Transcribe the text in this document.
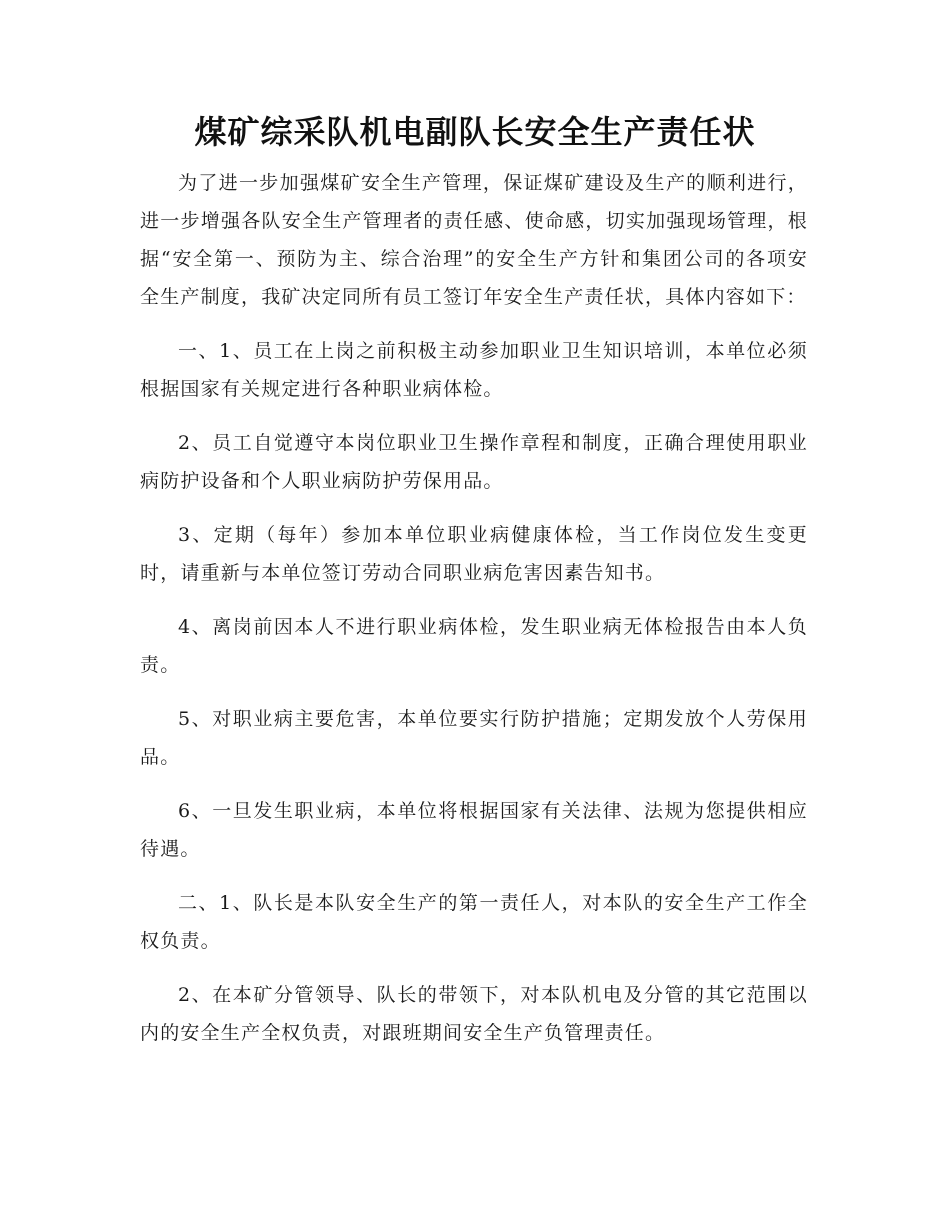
煤矿综采队机电副队长安全生产责任状

为了进一步加强煤矿安全生产管理，保证煤矿建设及生产的顺利进行，进一步增强各队安全生产管理者的责任感、使命感，切实加强现场管理，根据“安全第一、预防为主、综合治理”的安全生产方针和集团公司的各项安全生产制度，我矿决定同所有员工签订年安全生产责任状，具体内容如下：

一、1、员工在上岗之前积极主动参加职业卫生知识培训，本单位必须根据国家有关规定进行各种职业病体检。

2、员工自觉遵守本岗位职业卫生操作章程和制度，正确合理使用职业病防护设备和个人职业病防护劳保用品。

3、定期（每年）参加本单位职业病健康体检，当工作岗位发生变更时，请重新与本单位签订劳动合同职业病危害因素告知书。

4、离岗前因本人不进行职业病体检，发生职业病无体检报告由本人负责。

5、对职业病主要危害，本单位要实行防护措施；定期发放个人劳保用品。

6、一旦发生职业病，本单位将根据国家有关法律、法规为您提供相应待遇。

二、1、队长是本队安全生产的第一责任人，对本队的安全生产工作全权负责。

2、在本矿分管领导、队长的带领下，对本队机电及分管的其它范围以内的安全生产全权负责，对跟班期间安全生产负管理责任。
